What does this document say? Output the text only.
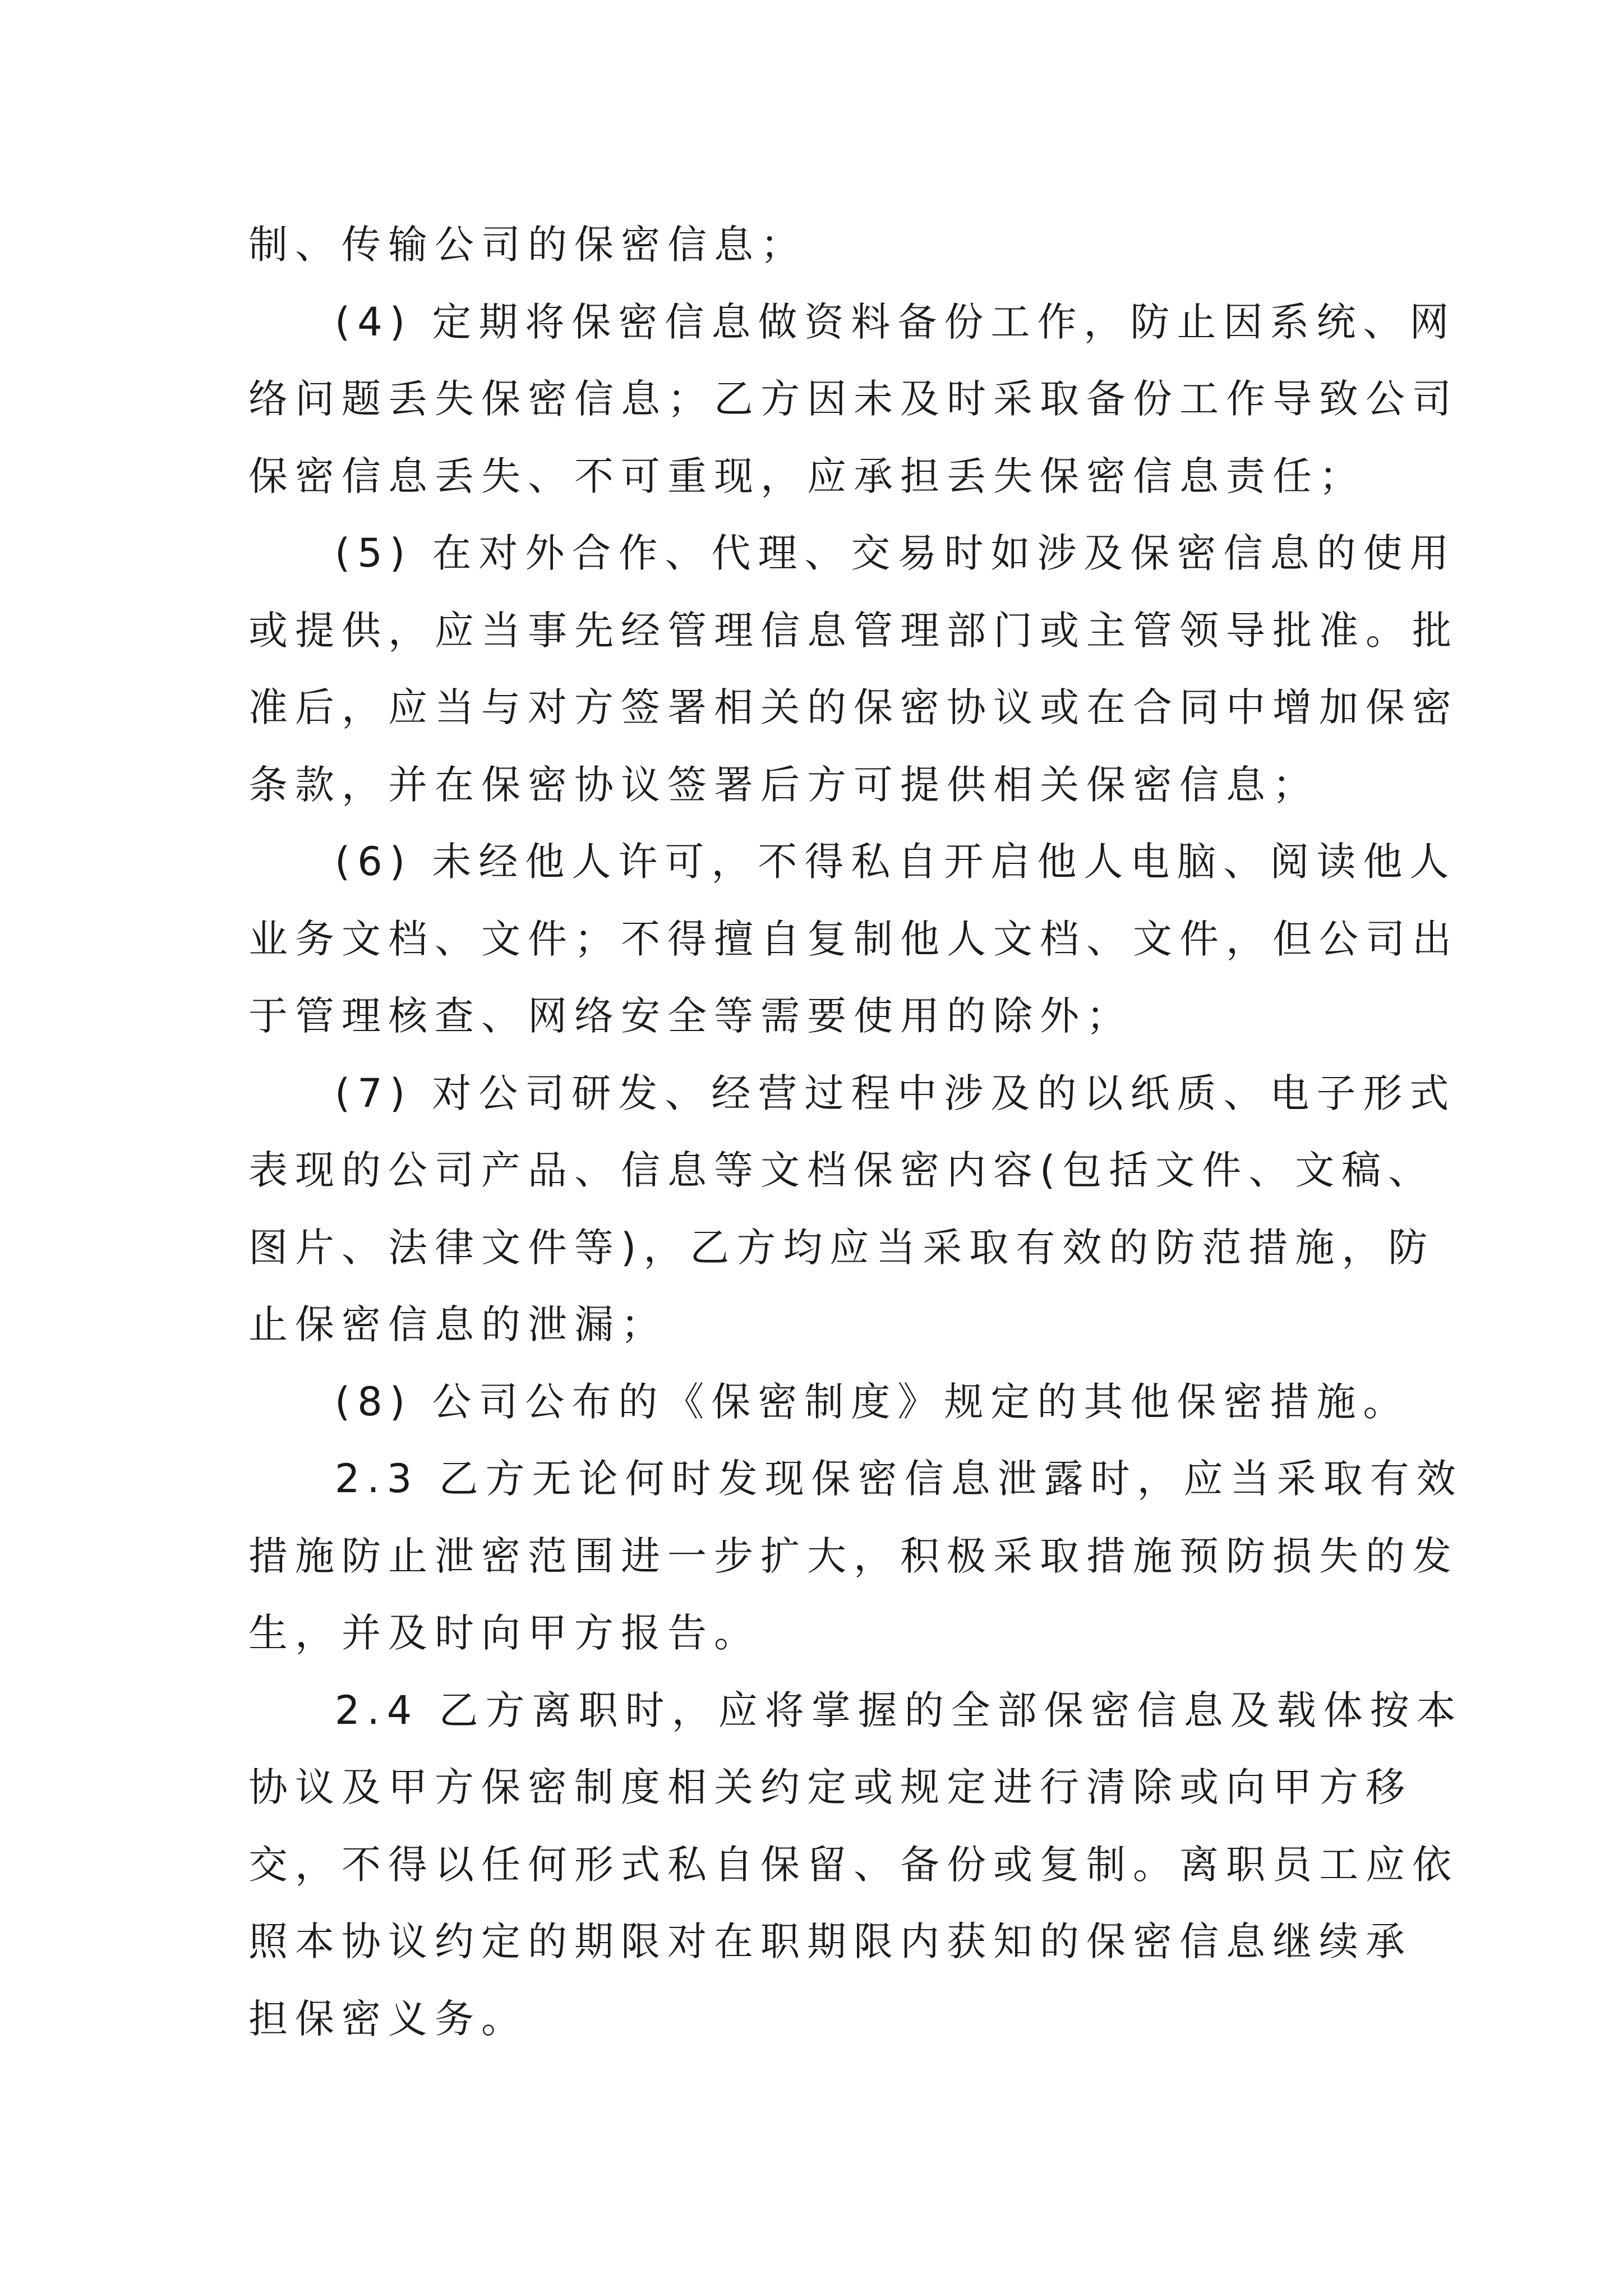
制、传输公司的保密信息；
(4) 定期将保密信息做资料备份工作，防止因系统、网
络问题丢失保密信息；乙方因未及时采取备份工作导致公司
保密信息丢失、不可重现，应承担丢失保密信息责任；
(5) 在对外合作、代理、交易时如涉及保密信息的使用
或提供，应当事先经管理信息管理部门或主管领导批准。批
准后，应当与对方签署相关的保密协议或在合同中增加保密
条款，并在保密协议签署后方可提供相关保密信息；
(6) 未经他人许可，不得私自开启他人电脑、阅读他人
业务文档、文件；不得擅自复制他人文档、文件，但公司出
于管理核查、网络安全等需要使用的除外；
(7) 对公司研发、经营过程中涉及的以纸质、电子形式
表现的公司产品、信息等文档保密内容(包括文件、文稿、
图片、法律文件等)，乙方均应当采取有效的防范措施，防
止保密信息的泄漏；
(8) 公司公布的《保密制度》规定的其他保密措施。
2.3 乙方无论何时发现保密信息泄露时，应当采取有效
措施防止泄密范围进一步扩大，积极采取措施预防损失的发
生，并及时向甲方报告。
2.4 乙方离职时，应将掌握的全部保密信息及载体按本
协议及甲方保密制度相关约定或规定进行清除或向甲方移
交，不得以任何形式私自保留、备份或复制。离职员工应依
照本协议约定的期限对在职期限内获知的保密信息继续承
担保密义务。
